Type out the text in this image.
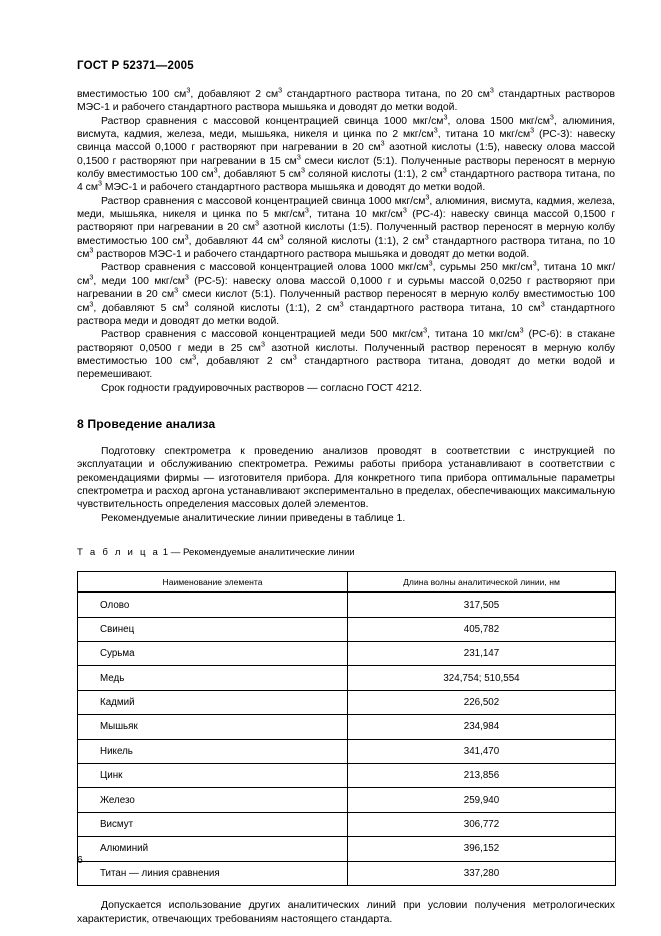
ГОСТ Р 52371—2005

вместимостью 100 $см^3$, добавляют 2 $см^3$ стандартного раствора титана, по 20 $см^3$ стандартных растворов МЭС-1 и рабочего стандартного раствора мышьяка и доводят до метки водой.

Раствор сравнения с массовой концентрацией свинца 1000 мкг/$см^3$, олова 1500 мкг/$см^3$, алюминия, висмута, кадмия, железа, меди, мышьяка, никеля и цинка по 2 мкг/$см^3$, титана 10 мкг/$см^3$ (РС-3): навеску свинца массой 0,1000 г растворяют при нагревании в 20 $см^3$ азотной кислоты (1:5), навеску олова массой 0,1500 г растворяют при нагревании в 15 $см^3$ смеси кислот (5:1). Полученные растворы переносят в мерную колбу вместимостью 100 $см^3$, добавляют 5 $см^3$ соляной кислоты (1:1), 2 $см^3$ стандартного раствора титана, по 4 $см^3$ МЭС-1 и рабочего стандартного раствора мышьяка и доводят до метки водой.

Раствор сравнения с массовой концентрацией свинца 1000 мкг/$см^3$, алюминия, висмута, кадмия, железа, меди, мышьяка, никеля и цинка по 5 мкг/$см^3$, титана 10 мкг/$см^3$ (РС-4): навеску свинца массой 0,1500 г растворяют при нагревании в 20 $см^3$ азотной кислоты (1:5). Полученный раствор переносят в мерную колбу вместимостью 100 $см^3$, добавляют 44 $см^3$ соляной кислоты (1:1), 2 $см^3$ стандартного раствора титана, по 10 $см^3$ растворов МЭС-1 и рабочего стандартного раствора мышьяка и доводят до метки водой.

Раствор сравнения с массовой концентрацией олова 1000 мкг/$см^3$, сурьмы 250 мкг/$см^3$, титана 10 мкг/$см^3$, меди 100 мкг/$см^3$ (РС-5): навеску олова массой 0,1000 г и сурьмы массой 0,0250 г растворяют при нагревании в 20 $см^3$ смеси кислот (5:1). Полученный раствор переносят в мерную колбу вместимостью 100 $см^3$, добавляют 5 $см^3$ соляной кислоты (1:1), 2 $см^3$ стандартного раствора титана, 10 $см^3$ стандартного раствора меди и доводят до метки водой.

Раствор сравнения с массовой концентрацией меди 500 мкг/$см^3$, титана 10 мкг/$см^3$ (РС-6): в стакане растворяют 0,0500 г меди в 25 $см^3$ азотной кислоты. Полученный раствор переносят в мерную колбу вместимостью 100 $см^3$, добавляют 2 $см^3$ стандартного раствора титана, доводят до метки водой и перемешивают.

Срок годности градуировочных растворов — согласно ГОСТ 4212.

8 Проведение анализа

Подготовку спектрометра к проведению анализов проводят в соответствии с инструкцией по эксплуатации и обслуживанию спектрометра. Режимы работы прибора устанавливают в соответствии с рекомендациями фирмы — изготовителя прибора. Для конкретного типа прибора оптимальные параметры спектрометра и расход аргона устанавливают экспериментально в пределах, обеспечивающих максимальную чувствительность определения массовых долей элементов.

Рекомендуемые аналитические линии приведены в таблице 1.

Т а б л и ц а 1 — Рекомендуемые аналитические линии

Наименование элемента	Длина волны аналитической линии, нм
Олово	317,505
Свинец	405,782
Сурьма	231,147
Медь	324,754; 510,554
Кадмий	226,502
Мышьяк	234,984
Никель	341,470
Цинк	213,856
Железо	259,940
Висмут	306,772
Алюминий	396,152
Титан — линия сравнения	337,280

Допускается использование других аналитических линий при условии получения метрологических характеристик, отвечающих требованиям настоящего стандарта.

6
